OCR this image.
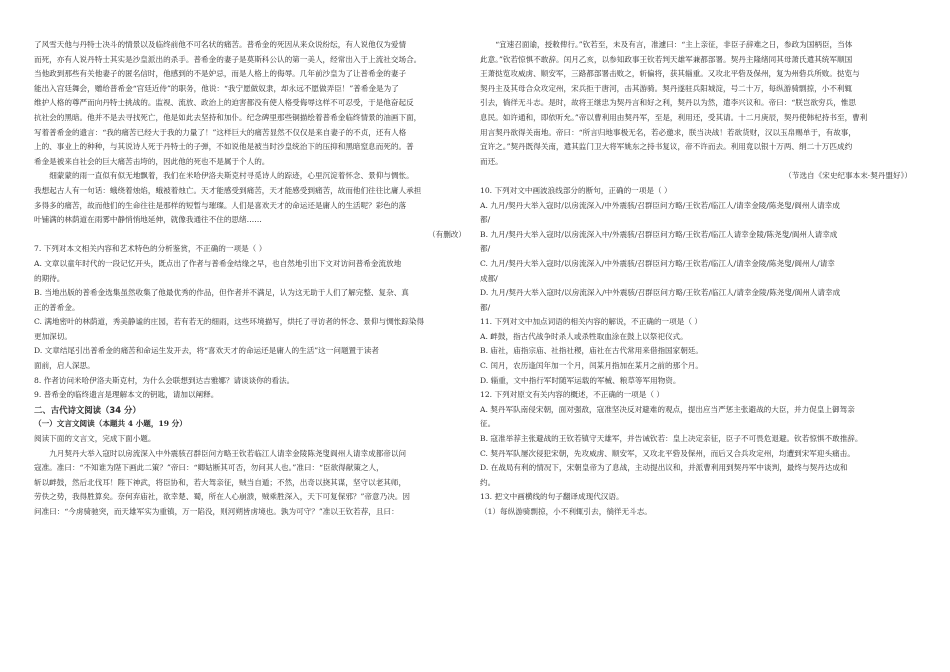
了风雪天他与丹特士决斗的情景以及临终前他不可名状的痛苦。普希金的死因从来众说纷纭，有人说他仅为爱情

而死，亦有人说丹特士其实是沙皇派出的杀手。普希金的妻子是莫斯科公认的第一美人，经常出入于上流社交场合。

当他政到那些有关他妻子的匿名信时，他感到的不是妒忌，而是人格上的侮辱。几年前沙皇为了让普希金的妻子

能出入宫廷舞会，赠给普希金“宫廷近侍”的职务，他说：“我宁愿做奴隶，却永远不愿做弄臣！”普希金是为了

维护人格的尊严而向丹特士挑战的。监视、流放、政治上的迫害都没有使人格受侮辱这样不可忍受，于是他奋起反

抗社会的黑暗。他并不是去寻找死亡，他是如此去坚持和加仆。纪念碑里那些铜描绘着普希金临终情景的油画下面，

写着普希金的遗言：“我的痛苦已经大于我的力量了！”这样巨大的痛苦显然不仅仅是来自妻子的不贞，还有人格

上的、事业上的种种，与其说诗人死于丹特士的子弹，不如说他是被当时沙皇统治下的压抑和黑暗窒息而死的。普

希金是被来自社会的巨大痛苦击垮的，因此他的死也不是属于个人的。

细蒙蒙的雨一直似有似无地飘着，我们在米哈伊洛夫斯克村寻觅诗人的踪迹，心里沉淀着怀念、景仰与惆怅。

我想起古人有一句话：蛾绕着烛焰，蛾被着烛亡。天才能感受到痛苦，天才能感受到痛苦，故而他们往往比庸人承担

多得多的痛苦，故而他们的生命往往是那样的短暂与璀璨。人们是喜欢天才的命运还是庸人的生活呢？彩色的落

叶铺满的林荫道在雨雾中静悄悄地延伸，就像我通往不住的思绪……

（有删改）

7. 下列对本文相关内容和艺术特色的分析鉴赏，不正确的一项是（ ）

A. 文章以童年时代的一段记忆开头，既点出了作者与普希金结缘之早，也自然地引出下文对访问普希金流放地

的期待。

B. 当地出版的普希金选集虽然收集了他最优秀的作品，但作者并不满足，认为这无助于人们了解完整、复杂、真

正的普希金。

C. 满地密叶的林荫道，秀美静谧的庄园，若有若无的细雨，这些环境描写，烘托了寻访者的怀念、景仰与惆怅踪染得

更加深切。

D. 文章结尾引出普希金的痛苦和命运生发开去，将“喜欢天才的命运还是庸人的生活”这一问题置于读者

面前，启人深思。

8. 作者访问米哈伊洛夫斯克村，为什么会联想到达吉雅娜？请谈谈你的看法。

9. 普希金的临终遗言是理解本文的钥匙，请加以阐释。

二、古代诗文阅读（34 分）

（一）文言文阅读（本题共 4 小题，19 分）

阅读下面的文言文，完成下面小题。

九月契丹大举入寇时以房流深入中外震骇召群臣问方略王钦若临江人请幸金陵陈尧叟阆州人请幸成都帝以问

寇准。准曰：“不知谁为陛下画此二策？”帝曰：“卿姑断其可否，勿问其人也。”准曰：“臣欲得献策之人，

斩以衅鼓，然后北伐耳！陛下神武，将臣协和，若大驾亲征，贼当自遁；不然，出奇以挠其谋，坚守以老其师，

劳佚之势，我得胜算矣。奈何弃庙社，欲幸楚、蜀，所在人心崩溃，贼乘胜深入，天下可复保邪？”帝意乃决。因

问准曰：“今虏骑驰突，而天雄军实为重镇，万一陷没，则河朔皆虏境也。孰为可守？”准以王钦若荐，且曰：

“宜速召面谕，授敕俾行。”钦若至，未及有言，准遽曰：“主上亲征，非臣子辞难之日，参政为国柄臣，当体

此意。”钦若惊惧不敢辞。闰月乙亥，以参知政事王钦若判天雄军兼都部署。契丹主隆绪同其母萧氏遣其统军顺国

王萧挞览攻威虏、顺安军，三路都部署击败之，斩偏将，获其辎重。又攻北平砦及保州，复为州砦兵所败。挞览与

契丹主及其母合众攻定州，宋兵拒于唐河，击其游骑。契丹遂驻兵阳城淀，号二十万，每纵游骑剽掠，小不利辄

引去，徜徉无斗志。是时，故将王继忠为契丹言和好之利，契丹以为然，遣李兴议和。帝曰：“朕岂欲穷兵，惟思

息民。如许通和，即依听允。”帝以曹利用由契丹军，至是，利用还，受其请。十二月庚辰，契丹使韩杞持书至，曹利

用言契丹欲得关南地。帝曰：“所言归地事极无名，若必邀求，朕当决战！若欲货财，汉以玉帛赐单于，有故事，

宜许之。”契丹既得关南，遣其监门卫大将军姚东之持书复议，帝不许而去。利用竟以银十万两、绢二十万匹成约

而还。

（节选自《宋史纪事本末·契丹盟好》）

10. 下列对文中画波浪线部分的断句，正确的一项是（ ）

A. 九月/契丹大举入寇时/以房流深入/中外震骇/召群臣问方略/王钦若/临江人/请幸金陵/陈尧叟/阆州人请幸成

都/

B. 九月/契丹大举入寇时/以房流深入中/外震骇/召群臣问方略/王钦若/临江人请幸金陵/陈尧叟/阆州人请幸成

都/

C. 九月/契丹大举入寇时/以房流深入/中外震骇/召群臣问方略/王钦若/临江人/请幸金陵/陈尧叟/阆州人/请幸

成都/

D. 九月/契丹大举入寇时/以房流深入/中外震骇/召群臣问方略/王钦若/临江人/请幸金陵/陈尧叟/阆州人请幸成

都/

11. 下列对文中加点词语的相关内容的解说，不正确的一项是（ ）

A. 衅鼓，指古代战争时杀人或杀牲取血涂在鼓上以祭祀仪式。

B. 庙社，庙指宗庙、社指社稷，庙社在古代常用来借指国家朝廷。

C. 闰月，农历逢闰年加一个月，闰某月指加在某月之前的那个月。

D. 辎重，文中指行军时随军运载的军械、粮草等军用物资。

12. 下列对原文有关内容的概述，不正确的一项是（ ）

A. 契丹军队南侵宋朝，面对强敌，寇准坚决反对避难的观点，提出应当严惩主张避战的大臣，并力促皇上御驾亲

征。

B. 寇准举荐主张避战的王钦若镇守天雄军，并告诫钦若：皇上决定亲征，臣子不可畏危退避。钦若惊惧不敢推辞。

C. 契丹军队屡次侵犯宋朝，先攻威虏、顺安军，又攻北平砦及保州，而后又合兵攻定州，均遭到宋军迎头痛击。

D. 在战局有利的情况下，宋朝皇帝为了息战，主动提出议和，并派曹利用到契丹军中谈判，最终与契丹达成和

约。

13. 把文中画横线的句子翻译成现代汉语。

（1）每纵游骑剽掠，小不利辄引去，徜徉无斗志。
